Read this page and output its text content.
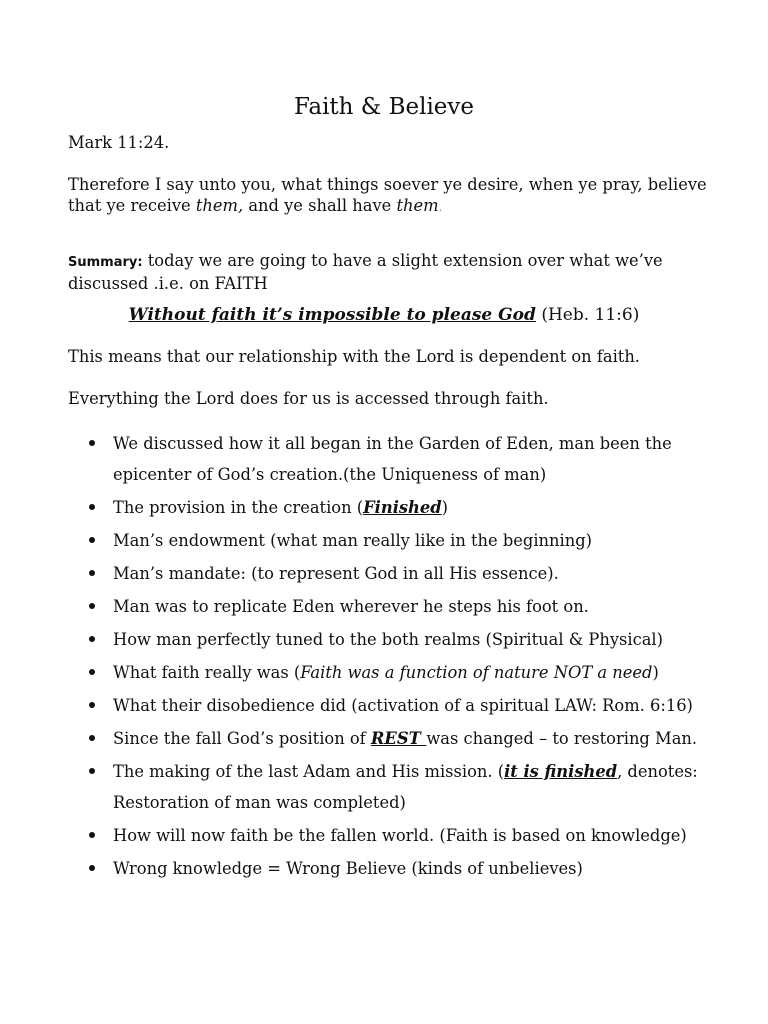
Faith & Believe

Mark 11:24.

Therefore I say unto you, what things soever ye desire, when ye pray, believe that ye receive them, and ye shall have them.

Summary: today we are going to have a slight extension over what we’ve discussed .i.e. on FAITH

Without faith it’s impossible to please God (Heb. 11:6)

This means that our relationship with the Lord is dependent on faith.

Everything the Lord does for us is accessed through faith.

We discussed how it all began in the Garden of Eden, man been the epicenter of God’s creation.(the Uniqueness of man)
The provision in the creation (Finished)
Man’s endowment (what man really like in the beginning)
Man’s mandate: (to represent God in all His essence).
Man was to replicate Eden wherever he steps his foot on.
How man perfectly tuned to the both realms (Spiritual & Physical)
What faith really was (Faith was a function of nature NOT a need)
What their disobedience did (activation of a spiritual LAW: Rom. 6:16)
Since the fall God’s position of REST was changed – to restoring Man.
The making of the last Adam and His mission. (it is finished, denotes: Restoration of man was completed)
How will now faith be the fallen world. (Faith is based on knowledge)
Wrong knowledge = Wrong Believe (kinds of unbelieves)
